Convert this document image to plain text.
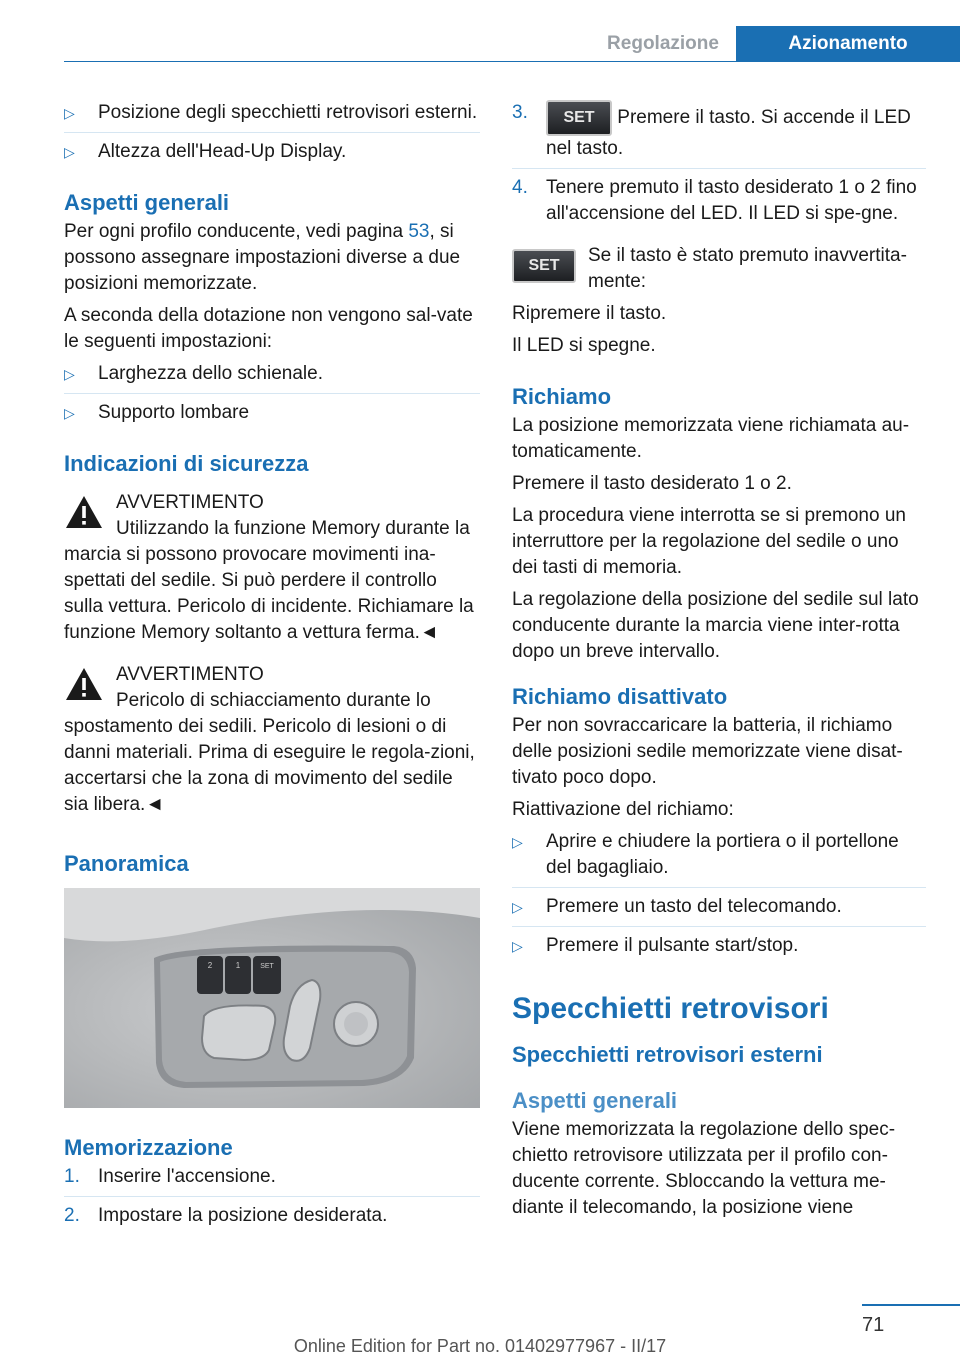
Regolazione	Azionamento
▷ Posizione degli specchietti retrovisori esterni.
▷ Altezza dell'Head-Up Display.
Aspetti generali

Per ogni profilo conducente, vedi pagina 53, si possono assegnare impostazioni diverse a due posizioni memorizzate.

A seconda della dotazione non vengono sal‐vate le seguenti impostazioni:

▷ Larghezza dello schienale.
▷ Supporto lombare
Indicazioni di sicurezza
AVVERTIMENTO
Utilizzando la funzione Memory durante la marcia si possono provocare movimenti ina‐spettati del sedile. Si può perdere il controllo sulla vettura. Pericolo di incidente. Richiamare la funzione Memory soltanto a vettura ferma.◄
AVVERTIMENTO
Pericolo di schiacciamento durante lo spostamento dei sedili. Pericolo di lesioni o di danni materiali. Prima di eseguire le regola‐zioni, accertarsi che la zona di movimento del sedile sia libera.◄
Panoramica
2	1	SET
Memorizzazione
1. Inserire l'accensione.
2. Impostare la posizione desiderata.
3. SET Premere il tasto. Si accende il LED nel tasto.
4. Tenere premuto il tasto desiderato 1 o 2 fino all'accensione del LED. Il LED si spe‐gne.
SET	Se il tasto è stato premuto inavvertita‐mente:

Ripremere il tasto.

Il LED si spegne.

Richiamo

La posizione memorizzata viene richiamata au‐tomaticamente.

Premere il tasto desiderato 1 o 2.

La procedura viene interrotta se si premono un interruttore per la regolazione del sedile o uno dei tasti di memoria.

La regolazione della posizione del sedile sul lato conducente durante la marcia viene inter‐rotta dopo un breve intervallo.

Richiamo disattivato

Per non sovraccaricare la batteria, il richiamo delle posizioni sedile memorizzate viene disat‐tivato poco dopo.

Riattivazione del richiamo:

▷ Aprire e chiudere la portiera o il portellone del bagagliaio.
▷ Premere un tasto del telecomando.
▷ Premere il pulsante start/stop.
Specchietti retrovisori
Specchietti retrovisori esterni
Aspetti generali

Viene memorizzata la regolazione dello spec‐chietto retrovisore utilizzata per il profilo con‐ducente corrente. Sbloccando la vettura me‐diante il telecomando, la posizione viene

71
Online Edition for Part no. 01402977967 - II/17
